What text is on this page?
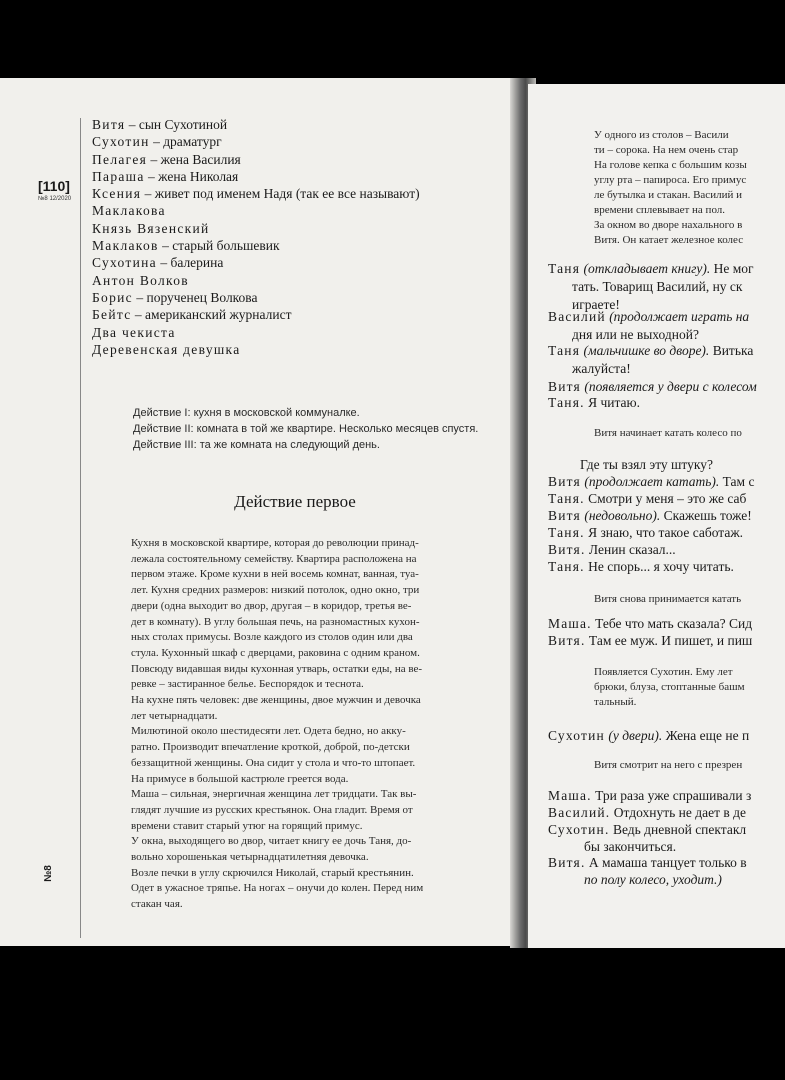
[110]
№8 12/2020
№8
Витя – сын Сухотиной
Сухотин – драматург
Пелагея – жена Василия
Параша – жена Николая
Ксения – живет под именем Надя (так ее все называют)
Маклакова
Князь Вязенский
Маклаков – старый большевик
Сухотина – балерина
Антон Волков
Борис – порученец Волкова
Бейтс – американский журналист
Два чекиста
Деревенская девушка
Действие I: кухня в московской коммуналке.
Действие II: комната в той же квартире. Несколько месяцев спустя.
Действие III: та же комната на следующий день.
Действие первое

Кухня в московской квартире, которая до революции принад-

лежала состоятельному семейству. Квартира расположена на

первом этаже. Кроме кухни в ней восемь комнат, ванная, туа-

лет. Кухня средних размеров: низкий потолок, одно окно, три

двери (одна выходит во двор, другая – в коридор, третья ве-

дет в комнату). В углу большая печь, на разномастных кухон-

ных столах примусы. Возле каждого из столов один или два

стула. Кухонный шкаф с дверцами, раковина с одним краном.

Повсюду видавшая виды кухонная утварь, остатки еды, на ве-

ревке – застиранное белье. Беспорядок и теснота.

На кухне пять человек: две женщины, двое мужчин и девочка

лет четырнадцати.

Милютиной около шестидесяти лет. Одета бедно, но акку-

ратно. Производит впечатление кроткой, доброй, по-детски

беззащитной женщины. Она сидит у стола и что-то штопает.

На примусе в большой кастрюле греется вода.

Маша – сильная, энергичная женщина лет тридцати. Так вы-

глядят лучшие из русских крестьянок. Она гладит. Время от

времени ставит старый утюг на горящий примус.

У окна, выходящего во двор, читает книгу ее дочь Таня, до-

вольно хорошенькая четырнадцатилетняя девочка.

Возле печки в углу скрючился Николай, старый крестьянин.

Одет в ужасное тряпье. На ногах – онучи до колен. Перед ним

стакан чая.

У одного из столов – Васили
ти – сорока. На нем очень стар
На голове кепка с большим козы
углу рта – папироса. Его примус
ле бутылка и стакан. Василий и
времени сплевывает на пол.
За окном во дворе нахального в
Витя. Он катает железное колес
Таня (откладывает книгу). Не мог
тать. Товарищ Василий, ну ск
играете!
Василий (продолжает играть на
дня или не выходной?
Таня (мальчишке во дворе). Витька
жалуйста!
Витя (появляется у двери с колесом
Таня. Я читаю.
Витя начинает катать колесо по
Где ты взял эту штуку?
Витя (продолжает катать). Там с
Таня. Смотри у меня – это же саб
Витя (недовольно). Скажешь тоже!
Таня. Я знаю, что такое саботаж.
Витя. Ленин сказал...
Таня. Не спорь... я хочу читать.
Витя снова принимается катать
Маша. Тебе что мать сказала? Сид
Витя. Там ее муж. И пишет, и пиш
Появляется Сухотин. Ему лет
брюки, блуза, стоптанные башм
тальный.
Сухотин (у двери). Жена еще не п
Витя смотрит на него с презрен
Маша. Три раза уже спрашивали з
Василий. Отдохнуть не дает в де
Сухотин. Ведь дневной спектакл
бы закончиться.
Витя. А мамаша танцует только в
по полу колесо, уходит.)
